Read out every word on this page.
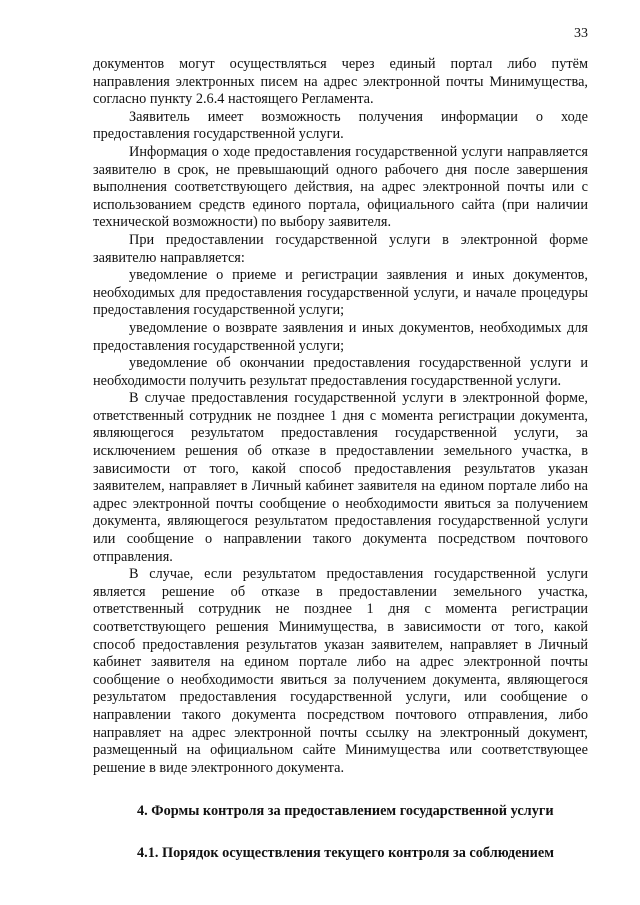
33

документов могут осуществляться через единый портал либо путём направления электронных писем на адрес электронной почты Минимущества, согласно пункту 2.6.4 настоящего Регламента.

Заявитель имеет возможность получения информации о ходе предоставления государственной услуги.

Информация о ходе предоставления государственной услуги направляется заявителю в срок, не превышающий одного рабочего дня после завершения выполнения соответствующего действия, на адрес электронной почты или с использованием средств единого портала, официального сайта (при наличии технической возможности) по выбору заявителя.

При предоставлении государственной услуги в электронной форме заявителю направляется:

уведомление о приеме и регистрации заявления и иных документов, необходимых для предоставления государственной услуги, и начале процедуры предоставления государственной услуги;

уведомление о возврате заявления и иных документов, необходимых для предоставления государственной услуги;

уведомление об окончании предоставления государственной услуги и необходимости получить результат предоставления государственной услуги.

В случае предоставления государственной услуги в электронной форме, ответственный сотрудник не позднее 1 дня с момента регистрации документа, являющегося результатом предоставления государственной услуги, за исключением решения об отказе в предоставлении земельного участка, в зависимости от того, какой способ предоставления результатов указан заявителем, направляет в Личный кабинет заявителя на едином портале либо на адрес электронной почты сообщение о необходимости явиться за получением документа, являющегося результатом предоставления государственной услуги или сообщение о направлении такого документа посредством почтового отправления.

В случае, если результатом предоставления государственной услуги является решение об отказе в предоставлении земельного участка, ответственный сотрудник не позднее 1 дня с момента регистрации соответствующего решения Минимущества, в зависимости от того, какой способ предоставления результатов указан заявителем, направляет в Личный кабинет заявителя на едином портале либо на адрес электронной почты сообщение о необходимости явиться за получением документа, являющегося результатом предоставления государственной услуги, или сообщение о направлении такого документа посредством почтового отправления, либо направляет на адрес электронной почты ссылку на электронный документ, размещенный на официальном сайте Минимущества или соответствующее решение в виде электронного документа.

4. Формы контроля за предоставлением государственной услуги
4.1. Порядок осуществления текущего контроля за соблюдением
